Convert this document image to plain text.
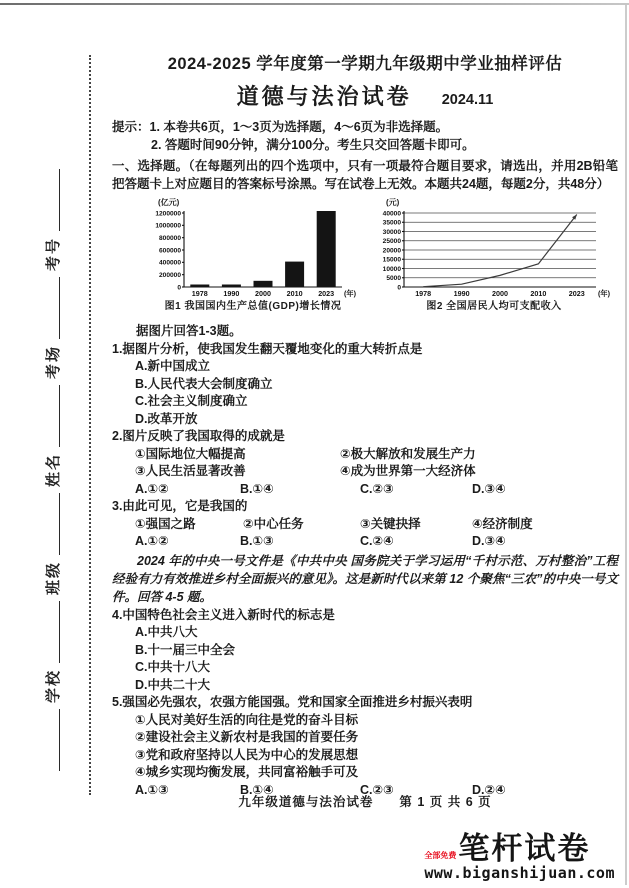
学校
班级
姓名
考场
考号
2024-2025 学年度第一学期九年级期中学业抽样评估
道德与法治试卷 2024.11
提示：1. 本卷共6页，1～3页为选择题，4～6页为非选择题。
2. 答题时间90分钟，满分100分。考生只交回答题卡即可。
一、选择题。（在每题列出的四个选项中，只有一项最符合题目要求，请选出，并用2B铅笔把答题卡上对应题目的答案标号涂黑。写在试卷上无效。本题共24题，每题2分，共48分）
(亿元)
0
200000
400000
600000
800000
1000000
1200000
1978 1990 2000 2010 2023 (年)
图1 我国国内生产总值(GDP)增长情况
(元)
0
5000
10000
15000
20000
25000
30000
35000
40000
1978	1990	2000	2010	2023 (年)
图2 全国居民人均可支配收入
据图片回答1-3题。
1.据图片分析，使我国发生翻天覆地变化的重大转折点是
A.新中国成立
B.人民代表大会制度确立
C.社会主义制度确立
D.改革开放
2.图片反映了我国取得的成就是
①国际地位大幅提高	②极大解放和发展生产力
③人民生活显著改善	④成为世界第一大经济体
A.①②	B.①④	C.②③	D.③④
3.由此可见，它是我国的
①强国之路	②中心任务	③关键抉择	④经济制度
A.①②	B.①③	C.②④	D.③④
2024 年的中央一号文件是《中共中央 国务院关于学习运用“千村示范、万村整治”工程经验有力有效推进乡村全面振兴的意见》。这是新时代以来第 12 个聚焦“三农”的中央一号文件。回答 4-5 题。
4.中国特色社会主义进入新时代的标志是
A.中共八大
B.十一届三中全会
C.中共十八大
D.中共二十大
5.强国必先强农，农强方能国强。党和国家全面推进乡村振兴表明
①人民对美好生活的向往是党的奋斗目标
②建设社会主义新农村是我国的首要任务
③党和政府坚持以人民为中心的发展思想
④城乡实现均衡发展，共同富裕触手可及
A.①③	B.①④	C.②③	D.②④
九年级道德与法治试卷 第 1 页 共 6 页
全部免费 笔杆试卷
www.biganshijuan.com
